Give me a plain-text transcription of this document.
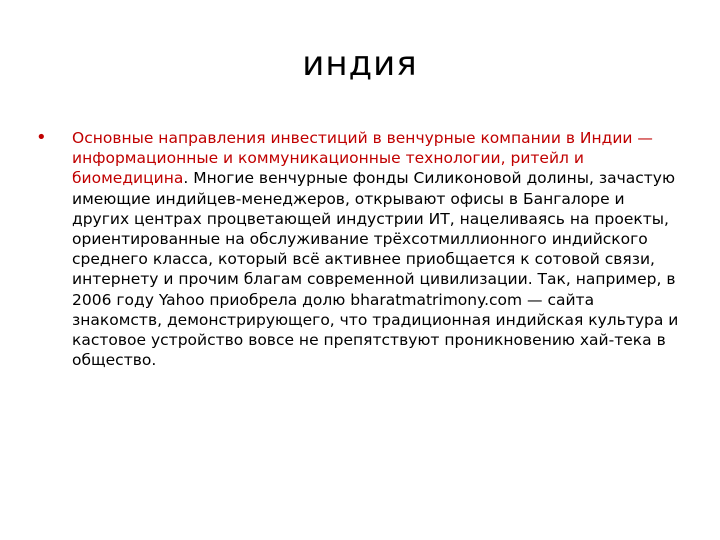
индия
• Основные направления инвестиций в венчурные компании в Индии — информационные и коммуникационные технологии, ритейл и биомедицина. Многие венчурные фонды Силиконовой долины, зачастую имеющие индийцев-менеджеров, открывают офисы в Бангалоре и других центрах процветающей индустрии ИТ, нацеливаясь на проекты, ориентированные на обслуживание трёхсотмиллионного индийского среднего класса, который всё активнее приобщается к сотовой связи, интернету и прочим благам современной цивилизации. Так, например, в 2006 году Yahoo приобрела долю bharatmatrimony.com — сайта знакомств, демонстрирующего, что традиционная индийская культура и кастовое устройство вовсе не препятствуют проникновению хай-тека в общество.
